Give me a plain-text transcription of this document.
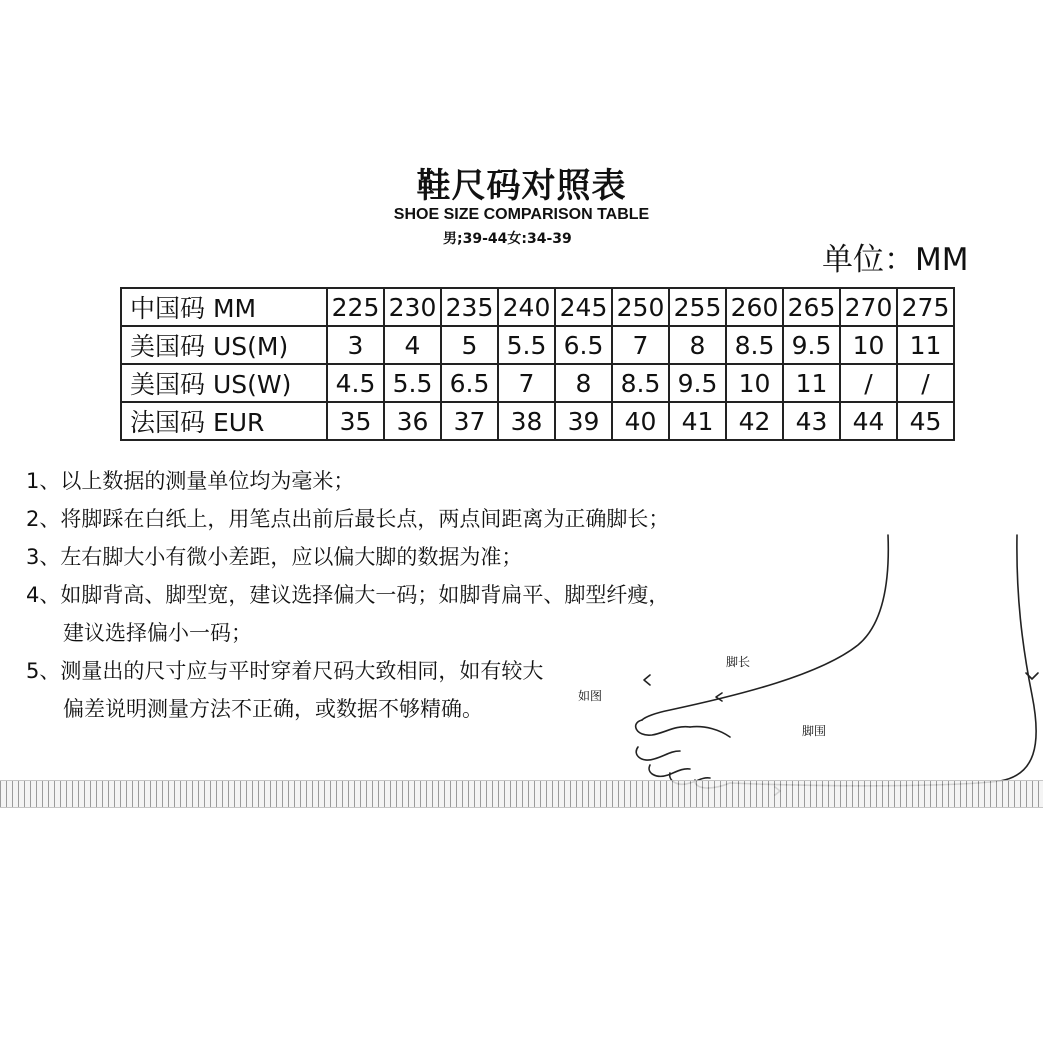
鞋尺码对照表
SHOE SIZE COMPARISON TABLE
男;39-44女:34-39
单位：MM
中国码 MM	225	230	235	240	245	250	255	260	265	270	275
美国码 US(M)	3	4	5	5.5	6.5	7	8	8.5	9.5	10	11
美国码 US(W)	4.5	5.5	6.5	7	8	8.5	9.5	10	11	/	/
法国码 EUR	35	36	37	38	39	40	41	42	43	44	45
1、以上数据的测量单位均为毫米；
2、将脚踩在白纸上，用笔点出前后最长点，两点间距离为正确脚长；
3、左右脚大小有微小差距，应以偏大脚的数据为准；
4、如脚背高、脚型宽，建议选择偏大一码；如脚背扁平、脚型纤瘦，
建议选择偏小一码；
5、测量出的尺寸应与平时穿着尺码大致相同，如有较大
偏差说明测量方法不正确，或数据不够精确。
脚长
如图
脚围
